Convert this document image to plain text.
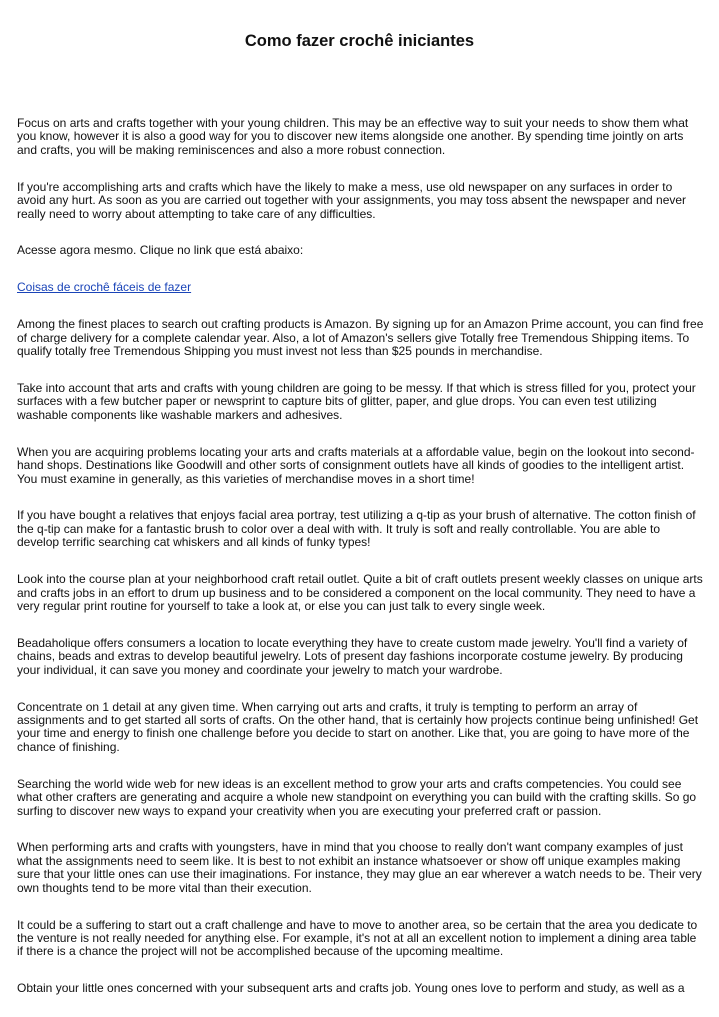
Como fazer crochê iniciantes

Focus on arts and crafts together with your young children. This may be an effective way to suit your needs to show them what you know, however it is also a good way for you to discover new items alongside one another. By spending time jointly on arts and crafts, you will be making reminiscences and also a more robust connection.

If you're accomplishing arts and crafts which have the likely to make a mess, use old newspaper on any surfaces in order to avoid any hurt. As soon as you are carried out together with your assignments, you may toss absent the newspaper and never really need to worry about attempting to take care of any difficulties.

Acesse agora mesmo. Clique no link que está abaixo:

Coisas de crochê fáceis de fazer

Among the finest places to search out crafting products is Amazon. By signing up for an Amazon Prime account, you can find free of charge delivery for a complete calendar year. Also, a lot of Amazon's sellers give Totally free Tremendous Shipping items. To qualify totally free Tremendous Shipping you must invest not less than $25 pounds in merchandise.

Take into account that arts and crafts with young children are going to be messy. If that which is stress filled for you, protect your surfaces with a few butcher paper or newsprint to capture bits of glitter, paper, and glue drops. You can even test utilizing washable components like washable markers and adhesives.

When you are acquiring problems locating your arts and crafts materials at a affordable value, begin on the lookout into second-hand shops. Destinations like Goodwill and other sorts of consignment outlets have all kinds of goodies to the intelligent artist. You must examine in generally, as this varieties of merchandise moves in a short time!

If you have bought a relatives that enjoys facial area portray, test utilizing a q-tip as your brush of alternative. The cotton finish of the q-tip can make for a fantastic brush to color over a deal with with. It truly is soft and really controllable. You are able to develop terrific searching cat whiskers and all kinds of funky types!

Look into the course plan at your neighborhood craft retail outlet. Quite a bit of craft outlets present weekly classes on unique arts and crafts jobs in an effort to drum up business and to be considered a component on the local community. They need to have a very regular print routine for yourself to take a look at, or else you can just talk to every single week.

Beadaholique offers consumers a location to locate everything they have to create custom made jewelry. You'll find a variety of chains, beads and extras to develop beautiful jewelry. Lots of present day fashions incorporate costume jewelry. By producing your individual, it can save you money and coordinate your jewelry to match your wardrobe.

Concentrate on 1 detail at any given time. When carrying out arts and crafts, it truly is tempting to perform an array of assignments and to get started all sorts of crafts. On the other hand, that is certainly how projects continue being unfinished! Get your time and energy to finish one challenge before you decide to start on another. Like that, you are going to have more of the chance of finishing.

Searching the world wide web for new ideas is an excellent method to grow your arts and crafts competencies. You could see what other crafters are generating and acquire a whole new standpoint on everything you can build with the crafting skills. So go surfing to discover new ways to expand your creativity when you are executing your preferred craft or passion.

When performing arts and crafts with youngsters, have in mind that you choose to really don't want company examples of just what the assignments need to seem like. It is best to not exhibit an instance whatsoever or show off unique examples making sure that your little ones can use their imaginations. For instance, they may glue an ear wherever a watch needs to be. Their very own thoughts tend to be more vital than their execution.

It could be a suffering to start out a craft challenge and have to move to another area, so be certain that the area you dedicate to the venture is not really needed for anything else. For example, it's not at all an excellent notion to implement a dining area table if there is a chance the project will not be accomplished because of the upcoming mealtime.

Obtain your little ones concerned with your subsequent arts and crafts job. Young ones love to perform and study, as well as a
